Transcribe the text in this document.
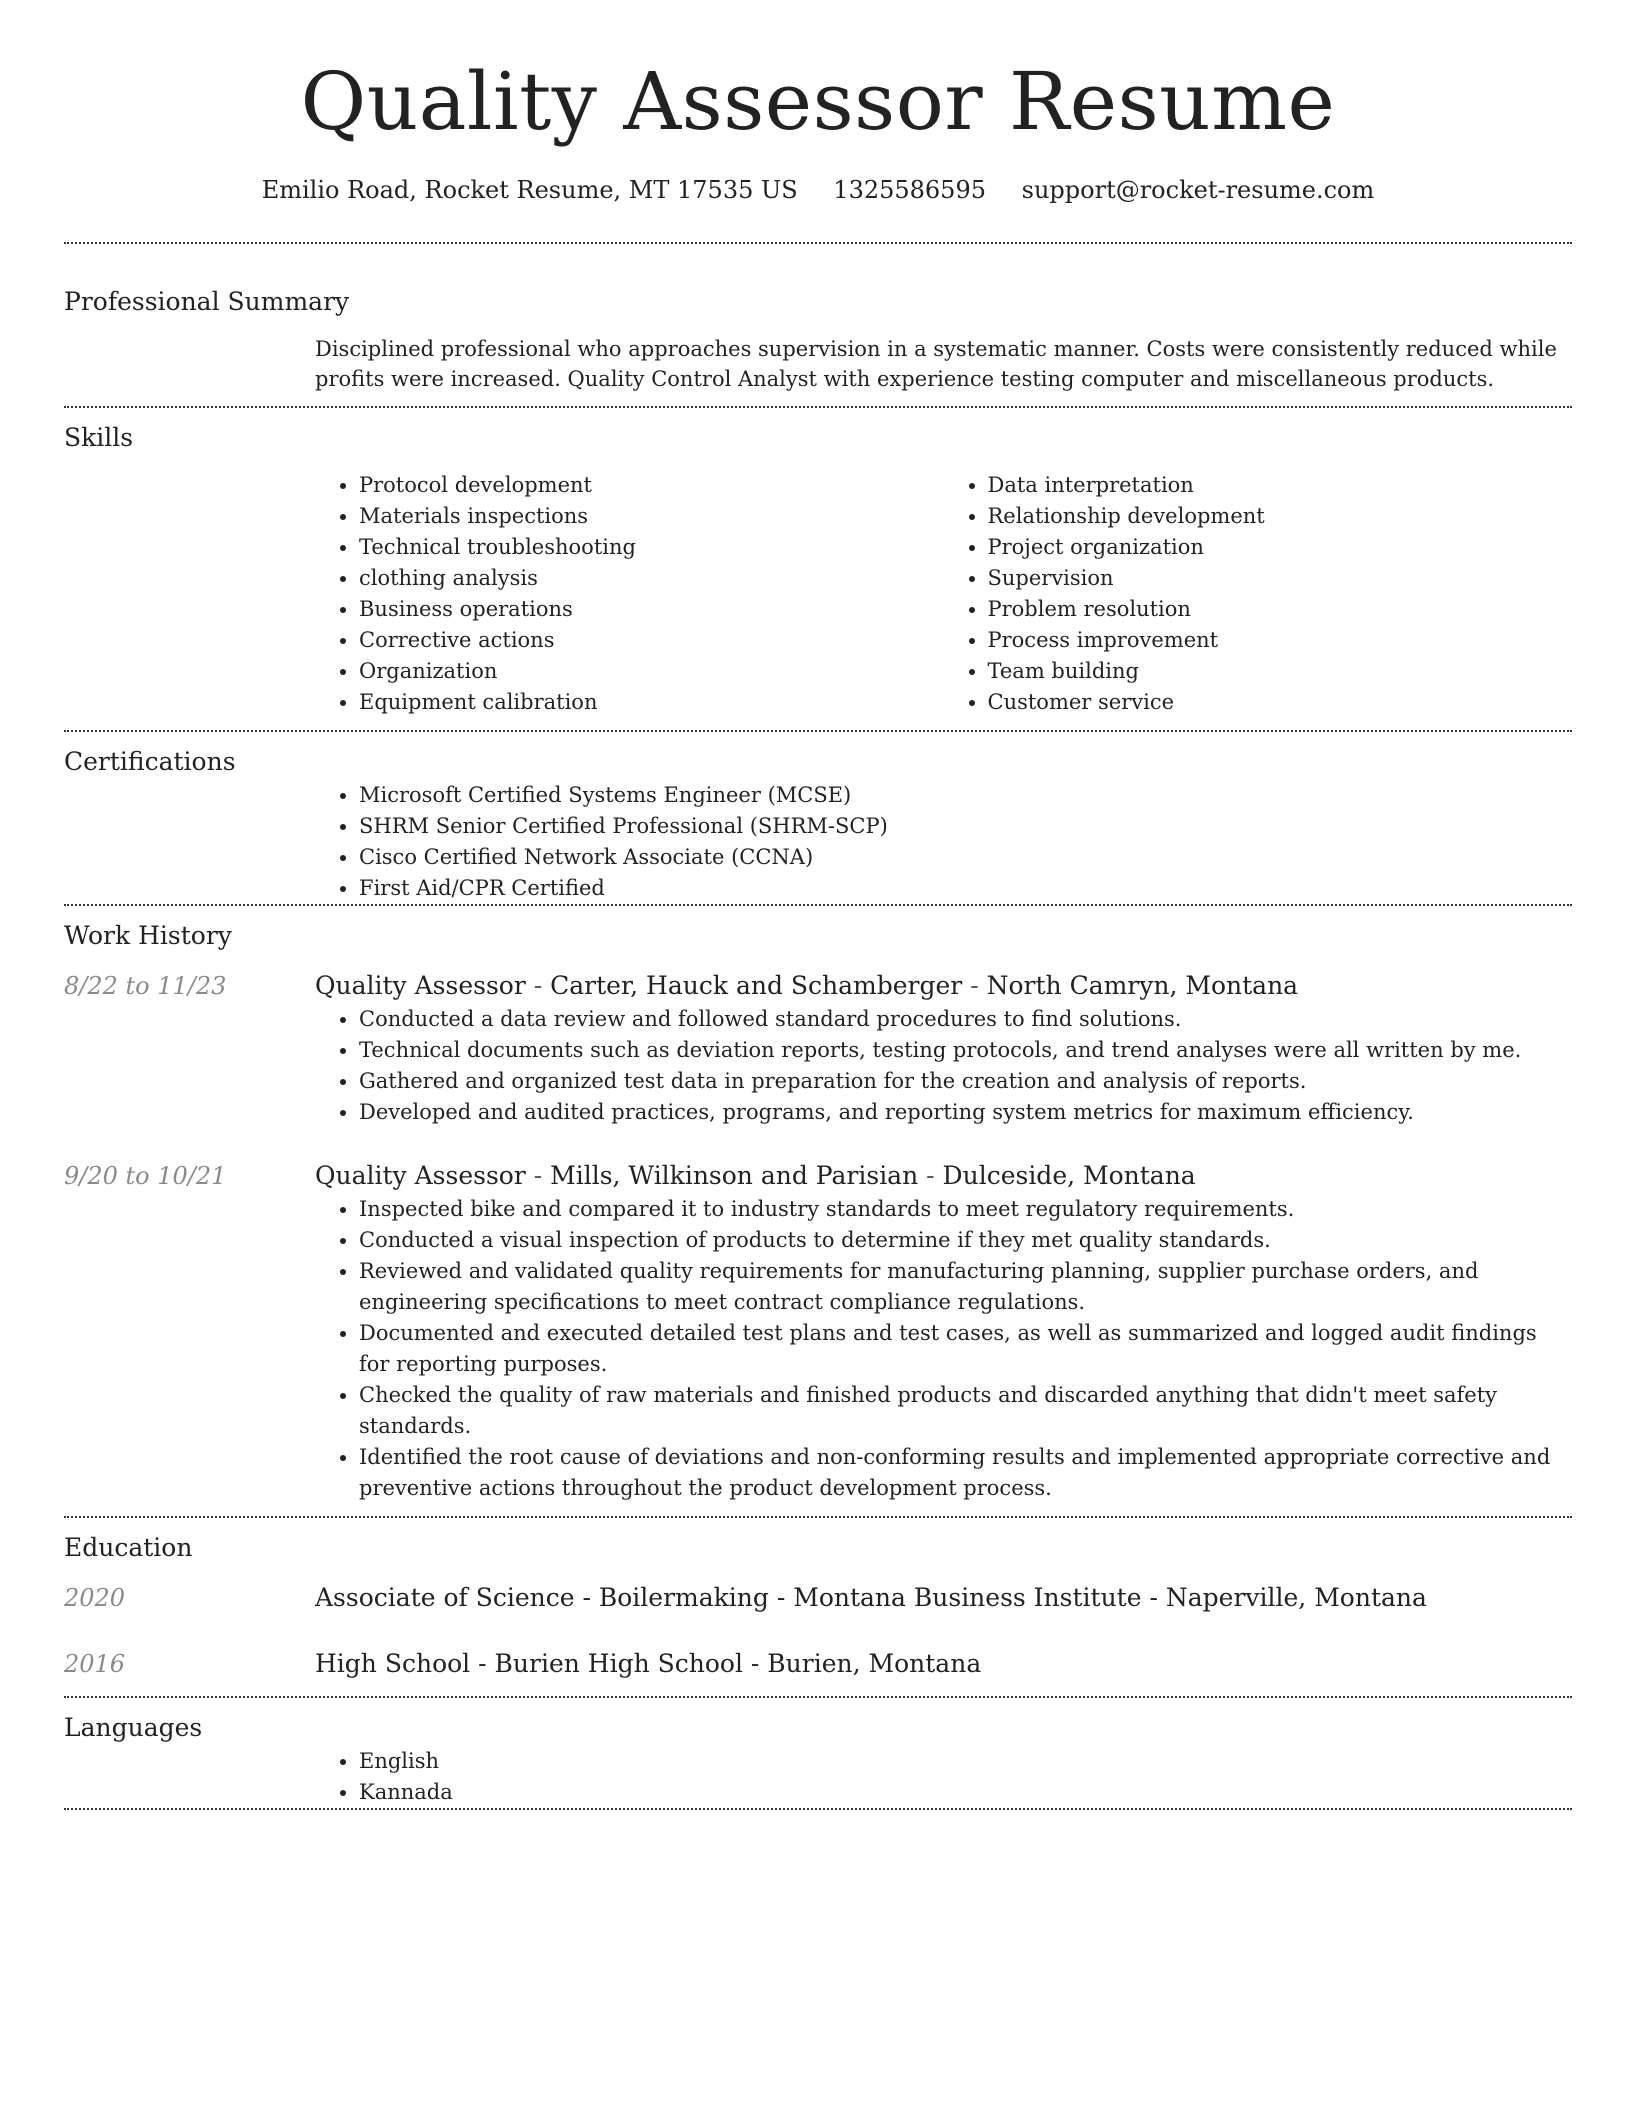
Quality Assessor Resume
Emilio Road, Rocket Resume, MT 17535 US 1325586595 support@rocket-resume.com
Professional Summary

Disciplined professional who approaches supervision in a systematic manner. Costs were consistently reduced while profits were increased. Quality Control Analyst with experience testing computer and miscellaneous products.

Skills
• Protocol development
• Materials inspections
• Technical troubleshooting
• clothing analysis
• Business operations
• Corrective actions
• Organization
• Equipment calibration
• Data interpretation
• Relationship development
• Project organization
• Supervision
• Problem resolution
• Process improvement
• Team building
• Customer service
Certifications
• Microsoft Certified Systems Engineer (MCSE)
• SHRM Senior Certified Professional (SHRM-SCP)
• Cisco Certified Network Associate (CCNA)
• First Aid/CPR Certified
Work History
8/22 to 11/23	Quality Assessor - Carter, Hauck and Schamberger - North Camryn, Montana
• Conducted a data review and followed standard procedures to find solutions.
• Technical documents such as deviation reports, testing protocols, and trend analyses were all written by me.
• Gathered and organized test data in preparation for the creation and analysis of reports.
• Developed and audited practices, programs, and reporting system metrics for maximum efficiency.
9/20 to 10/21	Quality Assessor - Mills, Wilkinson and Parisian - Dulceside, Montana
• Inspected bike and compared it to industry standards to meet regulatory requirements.
• Conducted a visual inspection of products to determine if they met quality standards.
• Reviewed and validated quality requirements for manufacturing planning, supplier purchase orders, and engineering specifications to meet contract compliance regulations.
• Documented and executed detailed test plans and test cases, as well as summarized and logged audit findings for reporting purposes.
• Checked the quality of raw materials and finished products and discarded anything that didn't meet safety standards.
• Identified the root cause of deviations and non-conforming results and implemented appropriate corrective and preventive actions throughout the product development process.
Education
2020	Associate of Science - Boilermaking - Montana Business Institute - Naperville, Montana
2016	High School - Burien High School - Burien, Montana
Languages
• English
• Kannada
